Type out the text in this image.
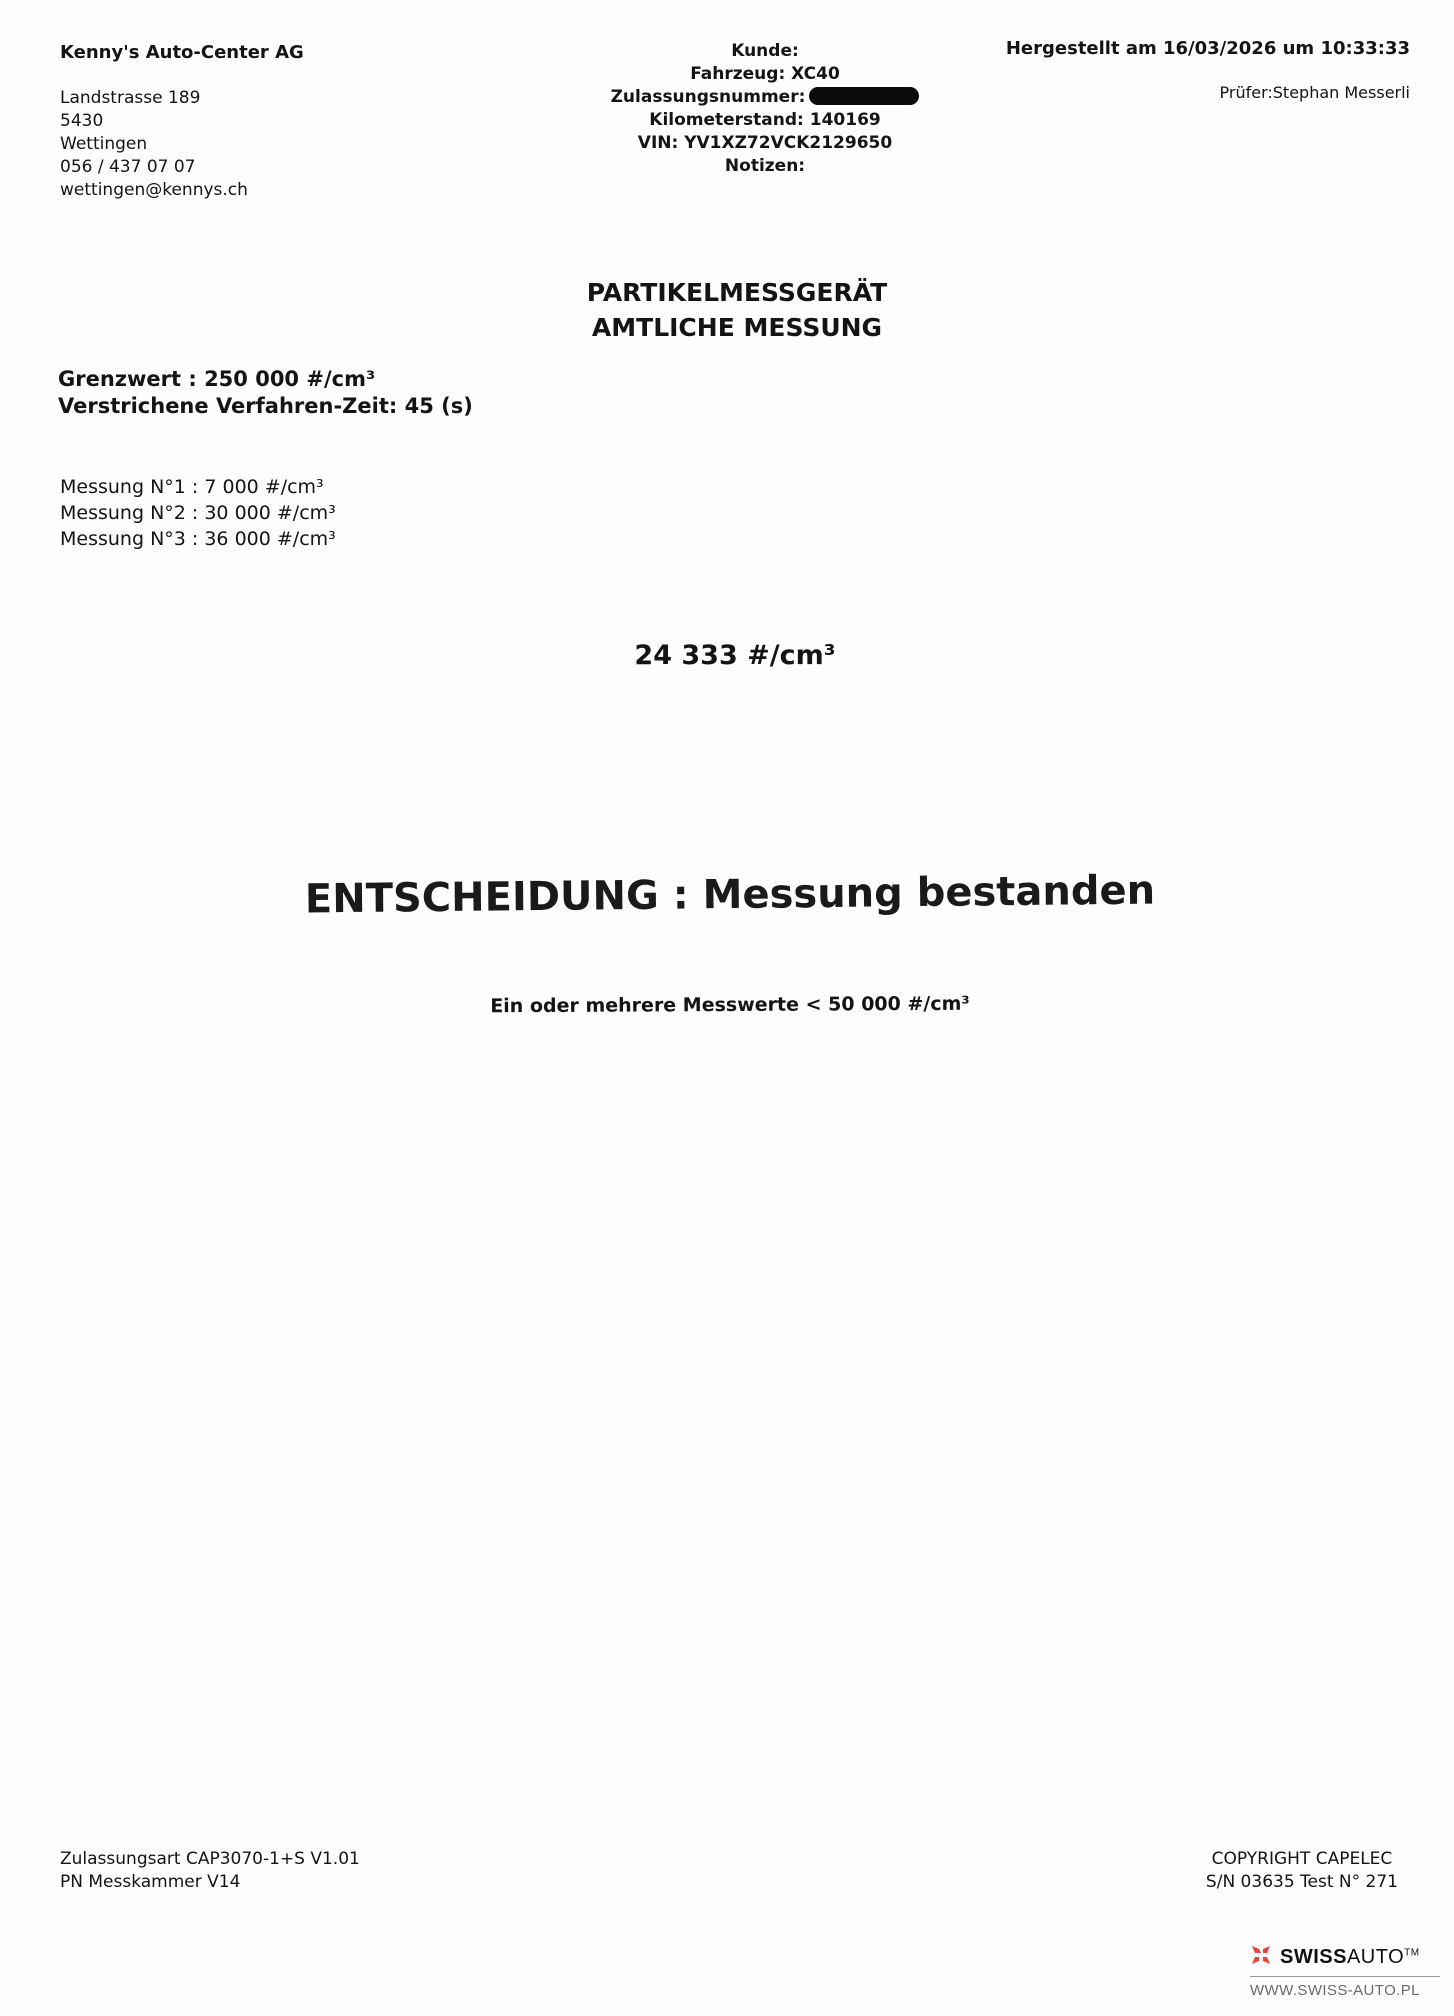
Kenny's Auto-Center AG
Landstrasse 189
5430
Wettingen
056 / 437 07 07
wettingen@kennys.ch
Kunde:
Fahrzeug: XC40
Zulassungsnummer:
Kilometerstand: 140169
VIN: YV1XZ72VCK2129650
Notizen:
Hergestellt am 16/03/2026 um 10:33:33
Prüfer:Stephan Messerli
PARTIKELMESSGERÄT
AMTLICHE MESSUNG
Grenzwert : 250 000 #/cm³
Verstrichene Verfahren-Zeit: 45 (s)
Messung N°1 : 7 000 #/cm³
Messung N°2 : 30 000 #/cm³
Messung N°3 : 36 000 #/cm³
24 333 #/cm³
ENTSCHEIDUNG : Messung bestanden
Ein oder mehrere Messwerte < 50 000 #/cm³
Zulassungsart CAP3070-1+S V1.01
PN Messkammer V14
COPYRIGHT CAPELEC
S/N 03635 Test N° 271
SWISSAUTO™
WWW.SWISS-AUTO.PL
